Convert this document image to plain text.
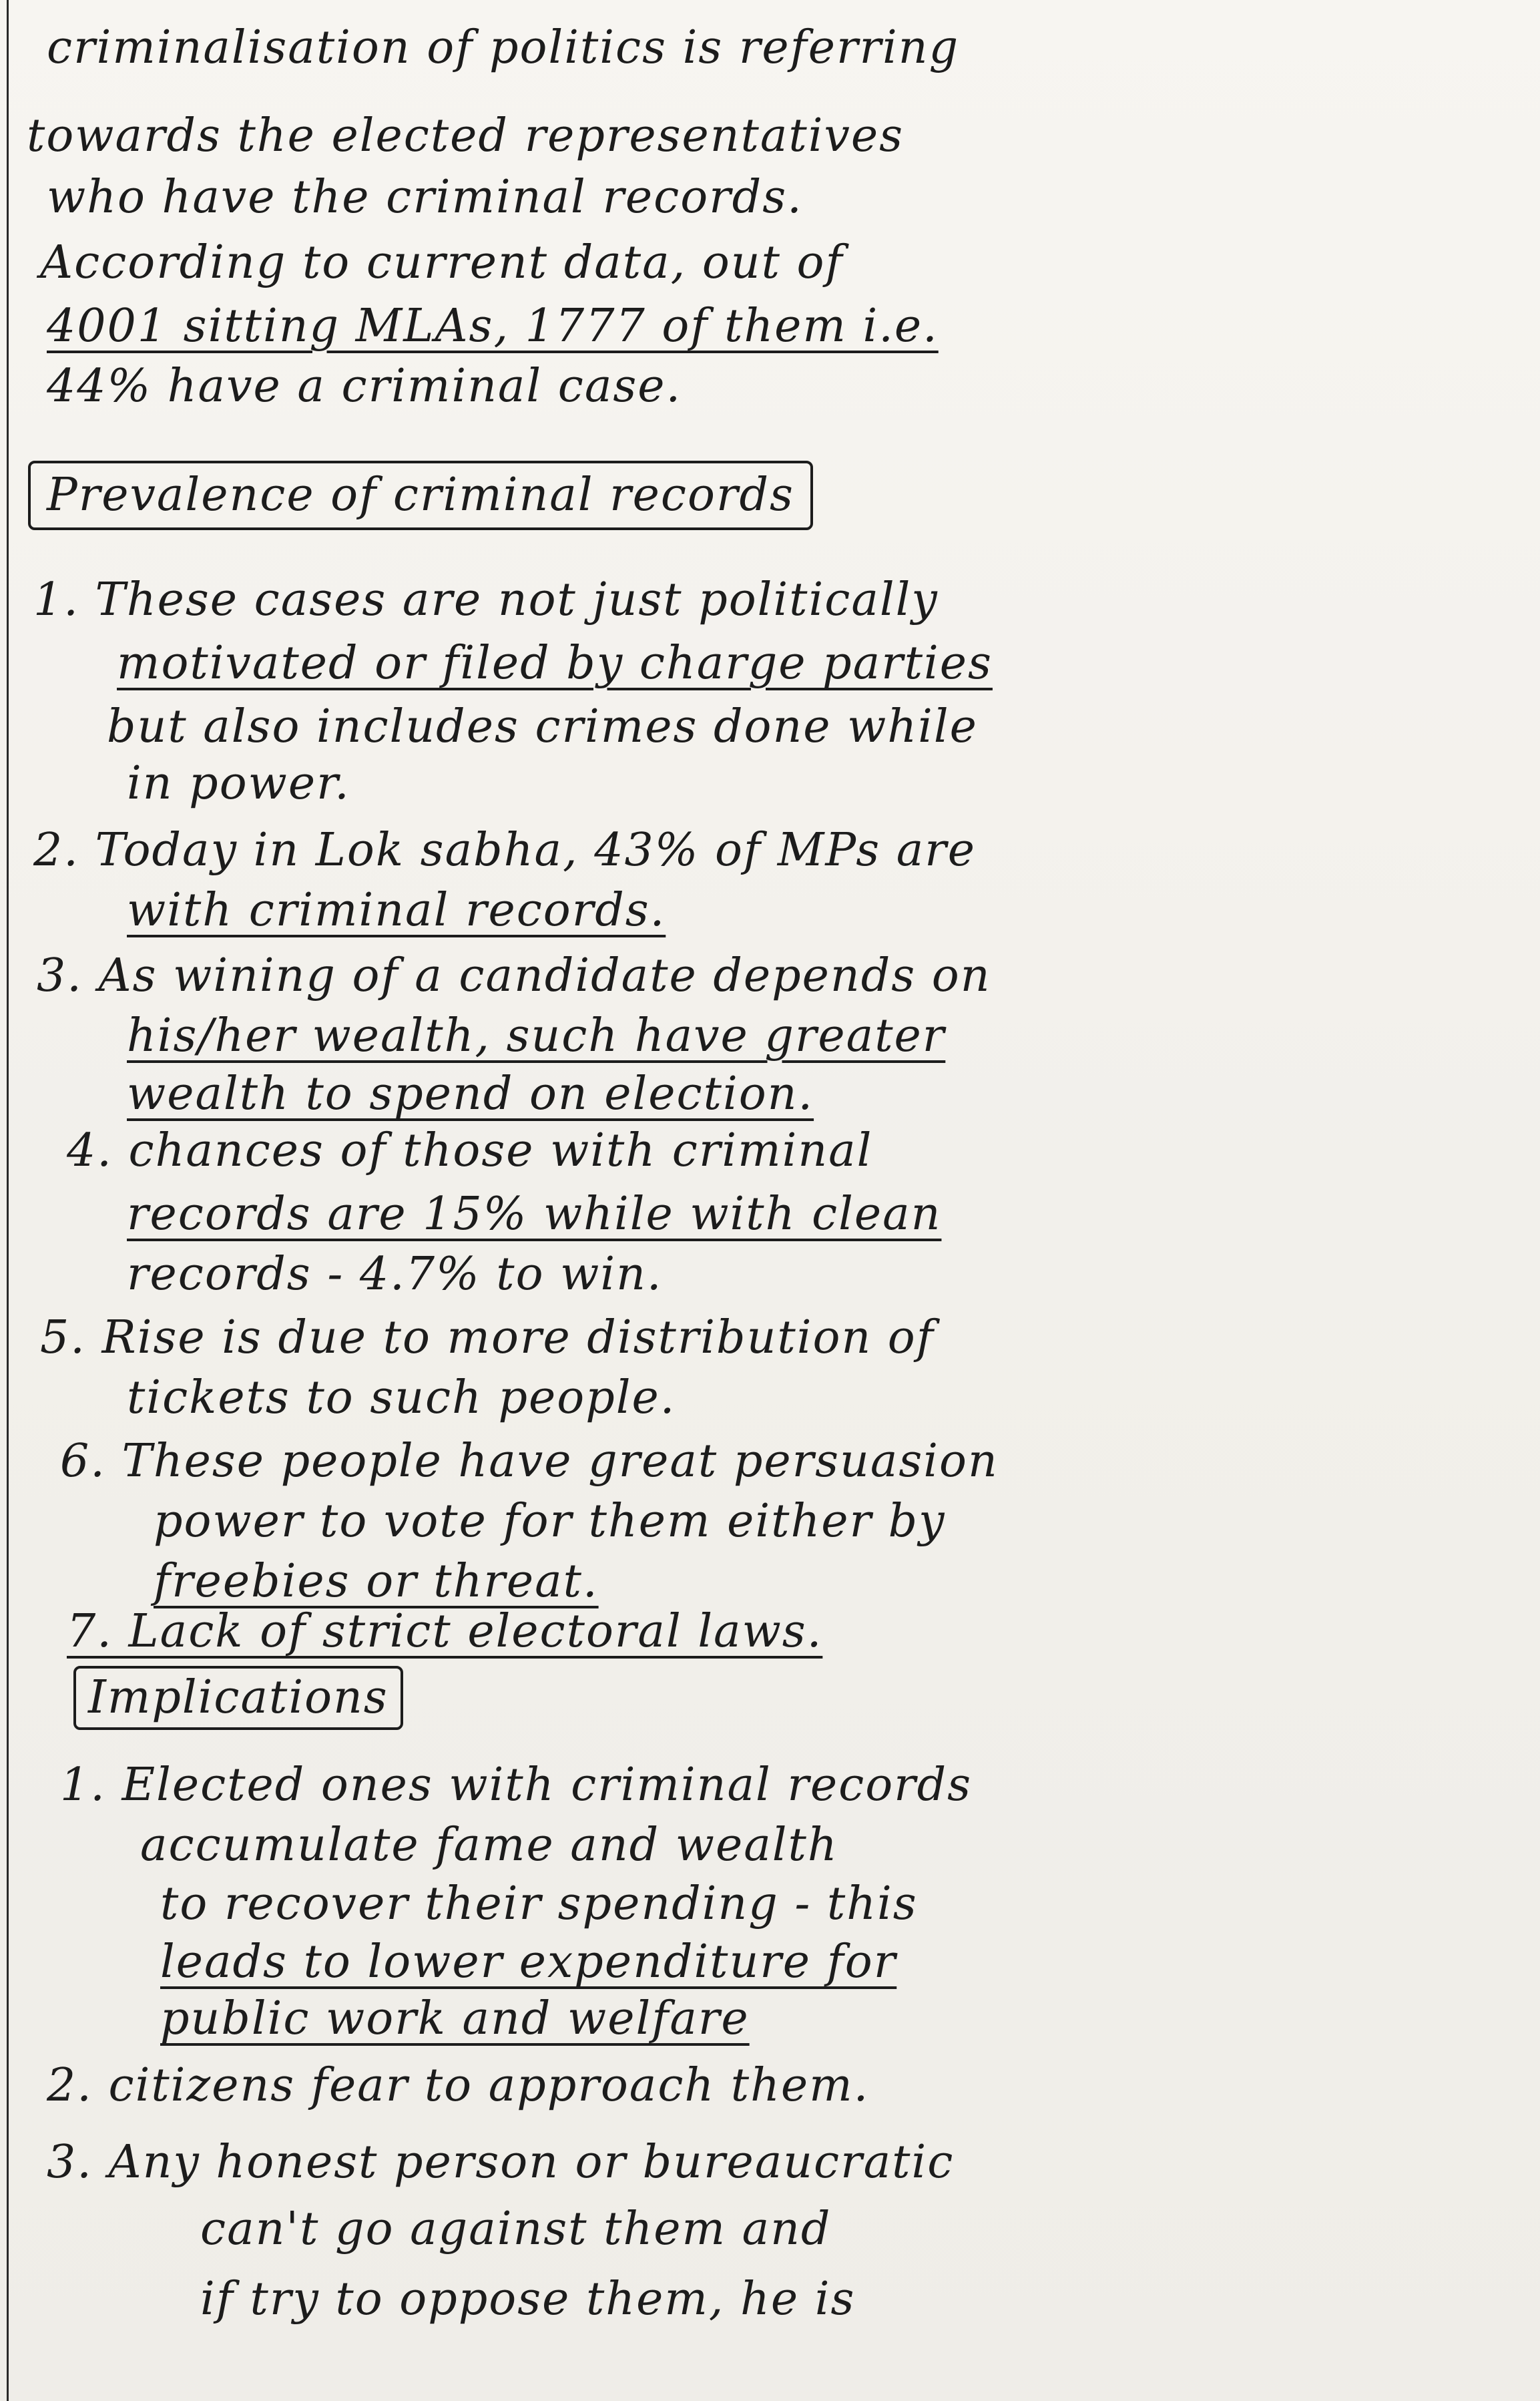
criminalisation of politics is referring
towards the elected representatives
who have the criminal records.
According to current data, out of
4001 sitting MLAs, 1777 of them i.e.
44% have a criminal case.
Prevalence of criminal records
1. These cases are not just politically
motivated or filed by charge parties
but also includes crimes done while
in power.
2. Today in Lok sabha, 43% of MPs are
with criminal records.
3. As wining of a candidate depends on
his/her wealth, such have greater
wealth to spend on election.
4. chances of those with criminal
records are 15% while with clean
records - 4.7% to win.
5. Rise is due to more distribution of
tickets to such people.
6. These people have great persuasion
power to vote for them either by
freebies or threat.
7. Lack of strict electoral laws.
Implications
1. Elected ones with criminal records
accumulate fame and wealth
to recover their spending - this
leads to lower expenditure for
public work and welfare
2. citizens fear to approach them.
3. Any honest person or bureaucratic
can't go against them and
if try to oppose them, he is
